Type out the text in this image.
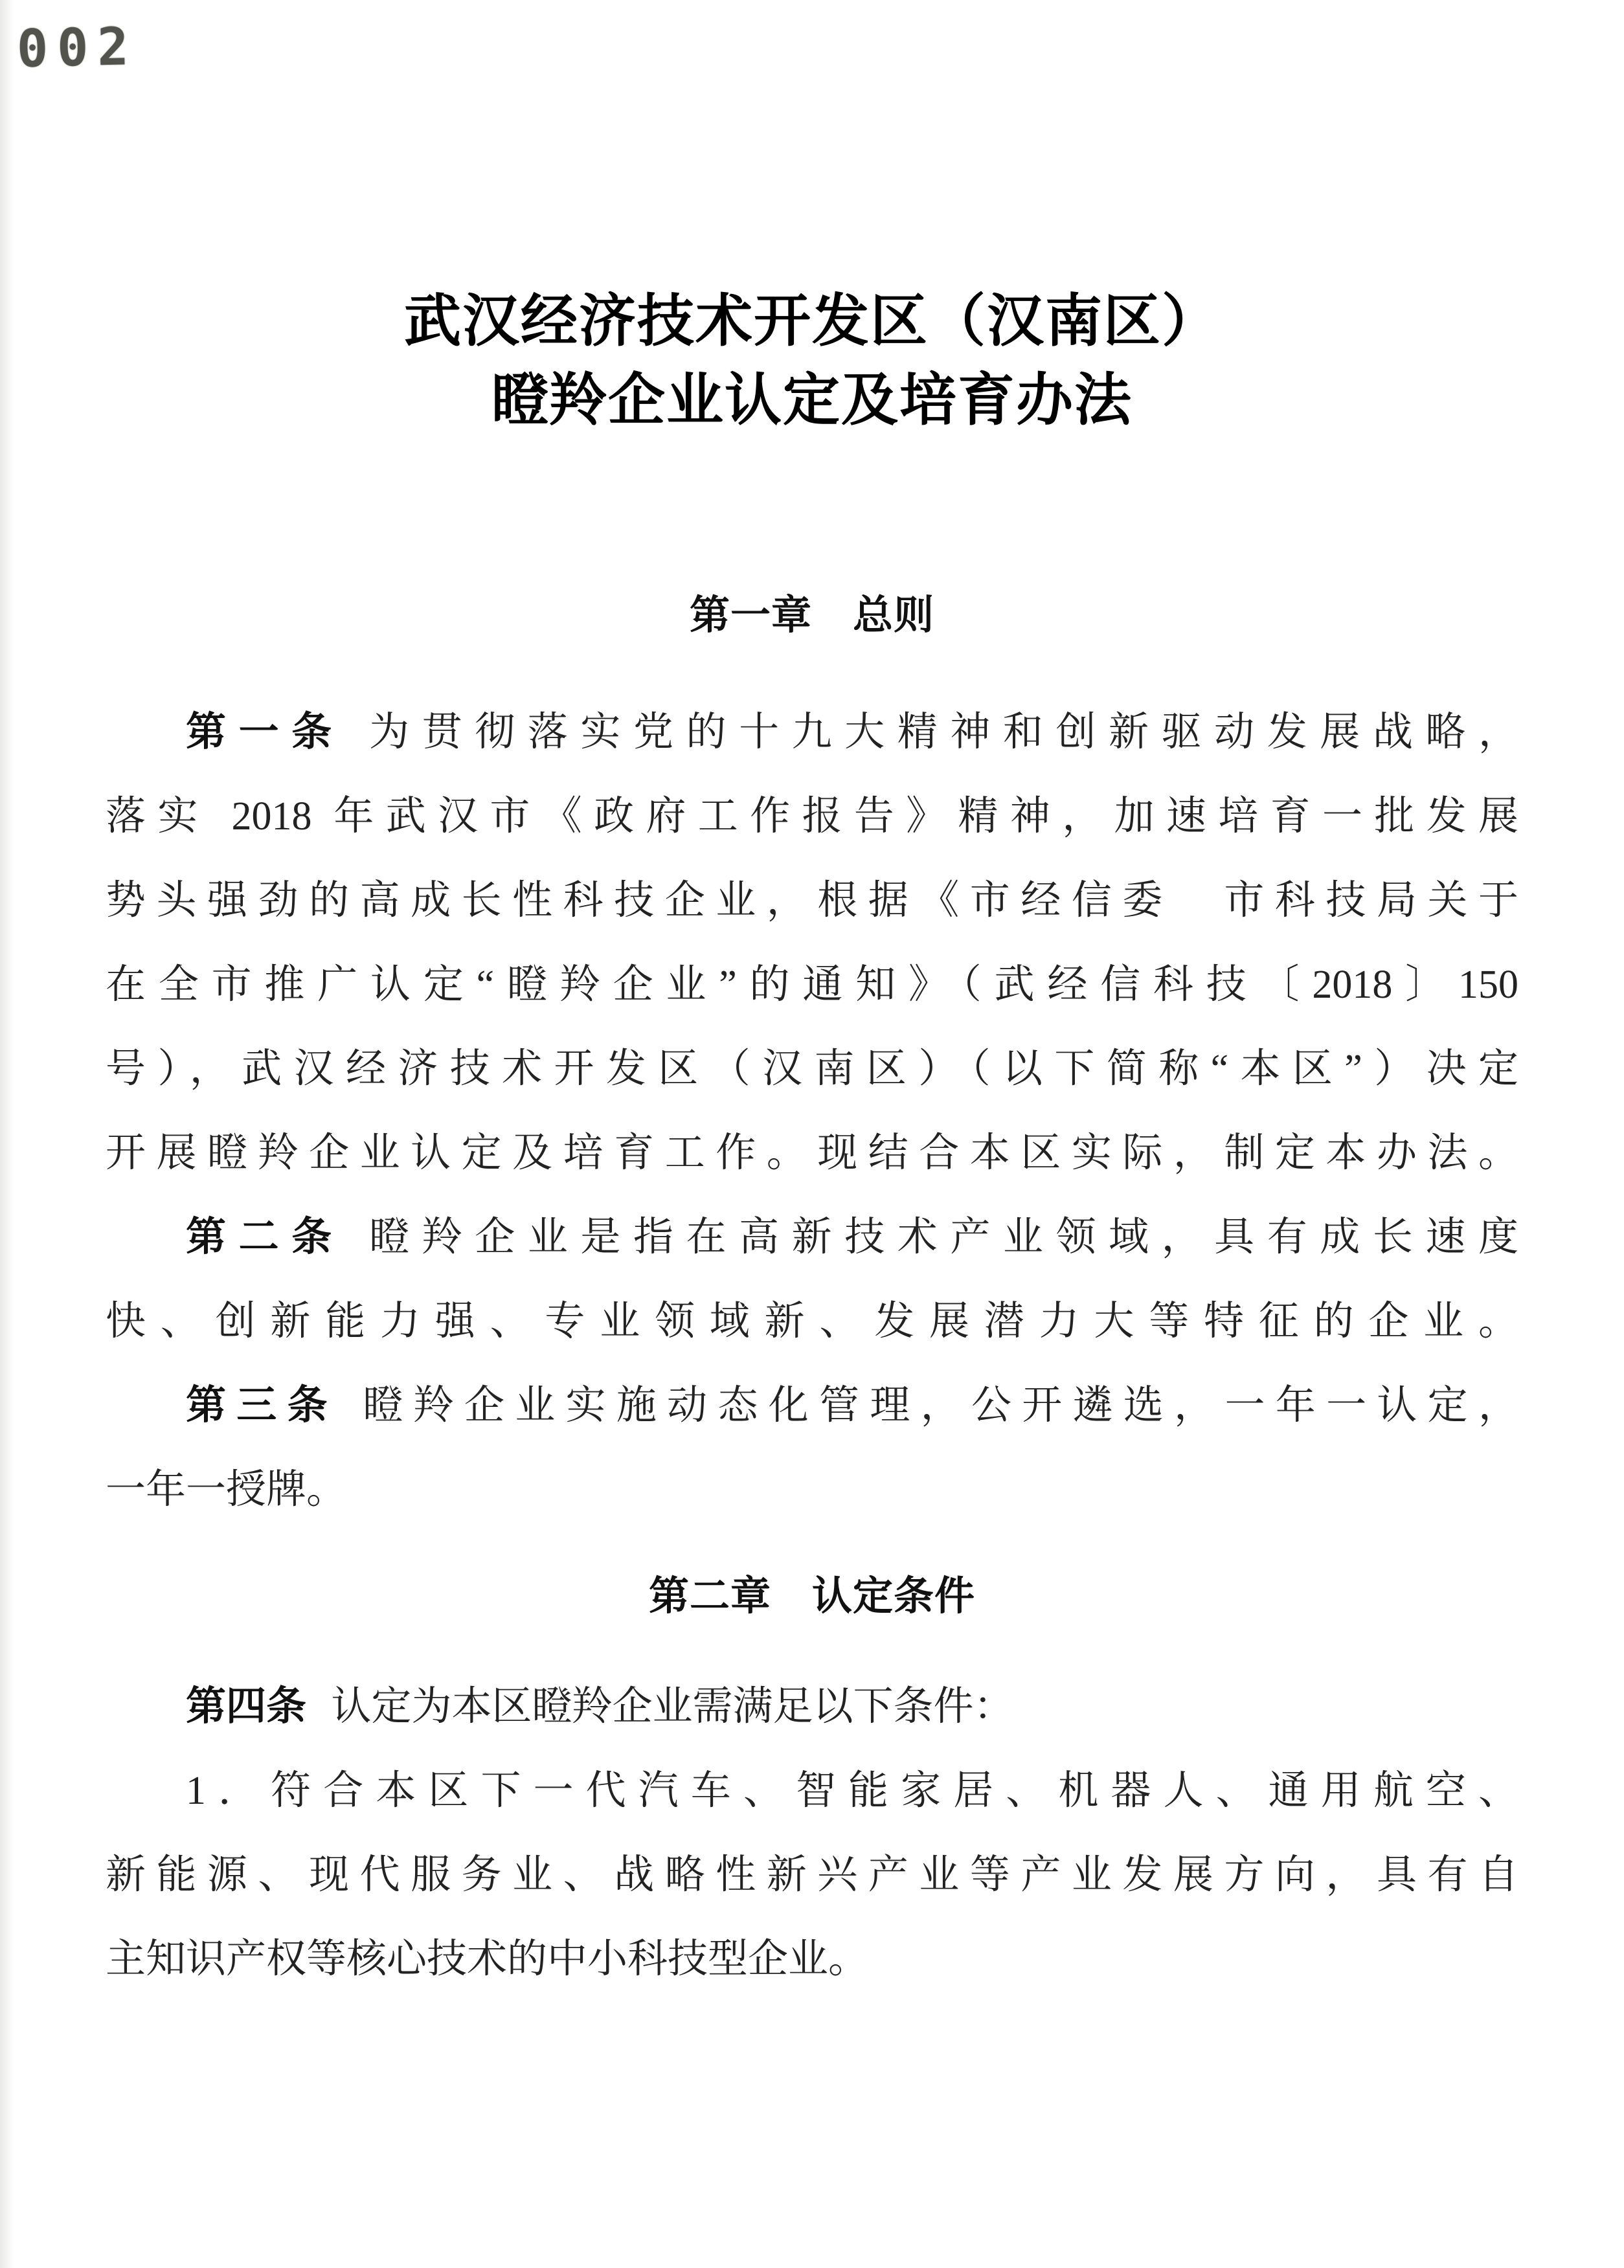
002
武汉经济技术开发区（汉南区）
瞪羚企业认定及培育办法
第一章　总则
第一条 为贯彻落实党的十九大精神和创新驱动发展战略，
落实 2018 年武汉市《政府工作报告》精神，加速培育一批发展
势头强劲的高成长性科技企业，根据《市经信委　市科技局关于
在全市推广认定“瞪羚企业”的通知》（武经信科技〔2018〕150
号），武汉经济技术开发区（汉南区）（以下简称“本区”）决定
开展瞪羚企业认定及培育工作。现结合本区实际，制定本办法。
第二条 瞪羚企业是指在高新技术产业领域，具有成长速度
快、创新能力强、专业领域新、发展潜力大等特征的企业。
第三条 瞪羚企业实施动态化管理，公开遴选，一年一认定，
一年一授牌。
第二章　认定条件
第四条 认定为本区瞪羚企业需满足以下条件：
1．符合本区下一代汽车、智能家居、机器人、通用航空、
新能源、现代服务业、战略性新兴产业等产业发展方向，具有自
主知识产权等核心技术的中小科技型企业。
